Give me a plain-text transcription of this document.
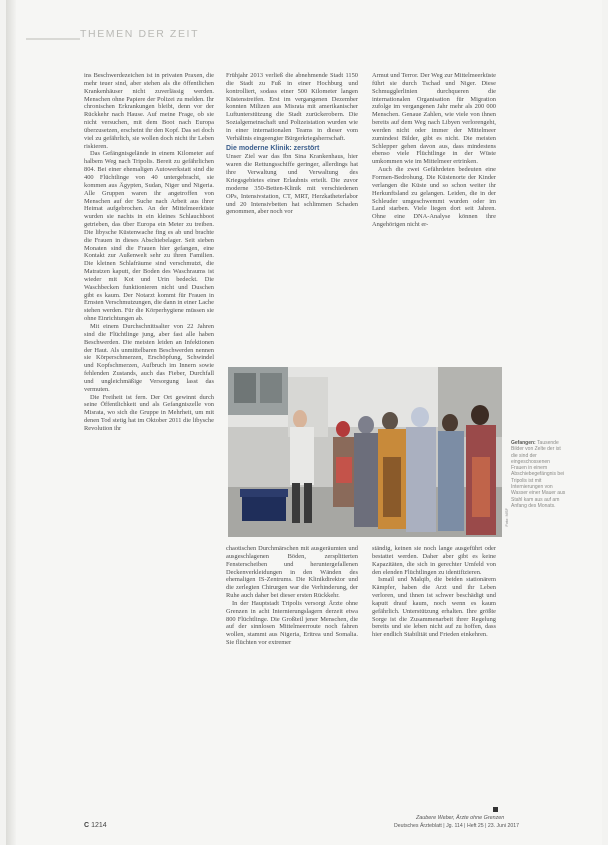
THEMEN DER ZEIT

ins Beschwerdezeichen ist in privaten Praxen, die mehr teuer sind, aber stehen als die öffentlichen Krankenhäuser nicht zuverlässig werden. Menschen ohne Papiere der Polizei zu melden. Ihr chronischen Erkrankungen bleibt, denn vor der Rückkehr nach Hause. Auf meine Frage, ob sie nicht versuchen, mit dem Boot nach Europa überzusetzen, erscheint ihr den Kopf. Das sei doch viel zu gefährlich, sie wollen doch nicht ihr Leben riskieren.

Das Gefängnisgelände in einem Kilometer auf halbem Weg nach Tripolis. Bereit zu gefährlichen 804. Bei einer ehemaligen Autowerkstatt sind die 400 Flüchtlinge von 40 untergebracht, sie kommen aus Ägypten, Sudan, Niger und Nigeria. Alle Gruppen waren ihr angetroffen von Menschen auf der Suche nach Arbeit aus ihrer Heimat aufgebrochen. An der Mittelmeerküste wurden sie nachts in ein kleines Schlauchboot getrieben, das über Europa ein Meter zu treiben. Die libysche Küstenwache fing es ab und brachte die Frauen in dieses Abschiebelager. Seit sieben Monaten sind die Frauen hier gefangen, eine Kontakt zur Außenwelt sehr zu ihren Familien. Die kleinen Schlafräume sind verschmutzt, die Matratzen kaputt, der Boden des Waschraums ist wieder mit Kot und Urin bedeckt. Die Waschbecken funktionieren nicht und Duschen gibt es kaum. Der Notarzt kommt für Frauen in Ernsten Verschmutzungen, die dann in einer Lache stehen werden. Für die Körperhygiene müssen sie ohne Einrichtungen ab.

Mit einem Durchschnittsalter von 22 Jahren sind die Flüchtlinge jung, aber fast alle haben Beschwerden. Die meisten leiden an Infektionen der Haut. Als unmittelbaren Beschwerden nennen sie Körperschmerzen, Erschöpfung, Schwindel und Kopfschmerzen, Aufbruch im Innern sowie fehlenden Zustands, auch das Fieber, Durchfall und ungleichmäßige Versorgung lasst das vermuten.

Die Freiheit ist fern. Der Ort gewinnt durch seine Öffentlichkeit und als Gefangniszelle von Misrata, wo sich die Gruppe in Mehrheit, um mit denen Tod stetig hat im Oktober 2011 die libysche Revolution ihr

Frühjahr 2013 verließ die abnehmende Stadt 1150 die Stadt zu Fuß in einer Hochburg und kontrolliert, sodass einer 500 Kilometer langen Küstenstreifen. Erst im vergangenen Dezember konnten Milizen aus Misrata mit amerikanischer Luftunterstützung die Stadt zurückerobern. Die Sozialgemeinschaft und Polizeistation wurden wie in einer internationalen Teams in dieser vom Verhältnis eingeengter Bürgerkriegsherrschaft.

Die moderne Klinik: zerstört

Unser Ziel war das Ibn Sina Krankenhaus, hier waren die Rettungsschiffe geringer, allerdings hat ihre Verwaltung und Verwaltung des Kriegsgebietes einer Erlaubnis erteilt. Die zuvor moderne 350-Betten-Klinik mit verschiedenen OPs, Intensivstation, CT, MRT, Herzkatheterlabor und 20 Intensivbetten hat schlimmen Schaden genommen, aber noch vor

Armut und Terror. Der Weg zur Mittelmeerküste führt sie durch Tschad und Niger. Diese Schmugglerlinien durchqueren die internationalen Organisation für Migration zufolge im vergangenen Jahr mehr als 200 000 Menschen. Genaue Zahlen, wie viele von ihnen bereits auf dem Weg nach Libyen verlorengeht, werden nicht oder immer der Mittelmeer zumindest Bilder, gibt es nicht. Die meisten Schlepper gehen davon aus, dass mindestens ebenso viele Flüchtlinge in der Wüste umkommen wie im Mittelmeer ertrinken.

Auch die zwei Gefährdeten bedeuten eine Formen-Bedrohung. Die Küstenorte der Kinder verlangen die Küste und so schon weiter ihr Herkunftsland zu gelangen. Leiden, die in der Schleuder umgeschwemmt wurden oder im Land starben. Viele liegen dort seit Jahren. Ohne eine DNA-Analyse können ihre Angehörigen nicht er-

Foto: MSF
Gefangen: Tausende Bilder von Zelte der ist die sind der eingeschossenen Frauen in einem Abschiebegefängnis bei Tripolis ist mit Internierungen von Wasser einer Mauer aus Stahl kam aus auf am Anfang des Monats.

chaotischen Durchmärschen mit ausgeräumten und ausgeschlagenen Böden, zersplitterten Fensterscheiben und heruntergefallenen Deckenverkleidungen in den Wänden des ehemaligen IS-Zentrums. Die Klinikdirektor und die zerlegten Chirurgen war die Verhinderung, der Ruhe auch daher bei dieser ersten Rückkehr.

In der Hauptstadt Tripolis versorgt Ärzte ohne Grenzen in acht Internierungslagern derzeit etwa 800 Flüchtlinge. Die Großteil jener Menschen, die auf der sinnlosen Mittelmeerroute noch fahren wollen, stammt aus Nigeria, Eritrea und Somalia. Sie flüchten vor extremer

ständig, keinen sie noch lange ausgeführt oder bestattet werden. Daher aber gibt es keine Kapazitäten, die sich in gerechter Umfeld von den elenden Flüchtlingen zu identifizieren.

Ismaïl und Malqib, die beiden stationärem Kämpfer, haben die Arzt und ihr Leben verloren, und ihnen ist schwer beschädigt und kaputt drauf kaum, noch wenn es kaum gefährlich. Unterstützung erhalten. Ihre größte Sorge ist die Zusammenarbeit ihrer Regelung bereits und sie leben nicht auf zu hoffen, dass hier endlich Stabilität und Frieden einkehren.

Zaubere Weber, Ärzte ohne Grenzen
C 1214	Deutsches Ärzteblatt | Jg. 114 | Heft 25 | 23. Juni 2017
